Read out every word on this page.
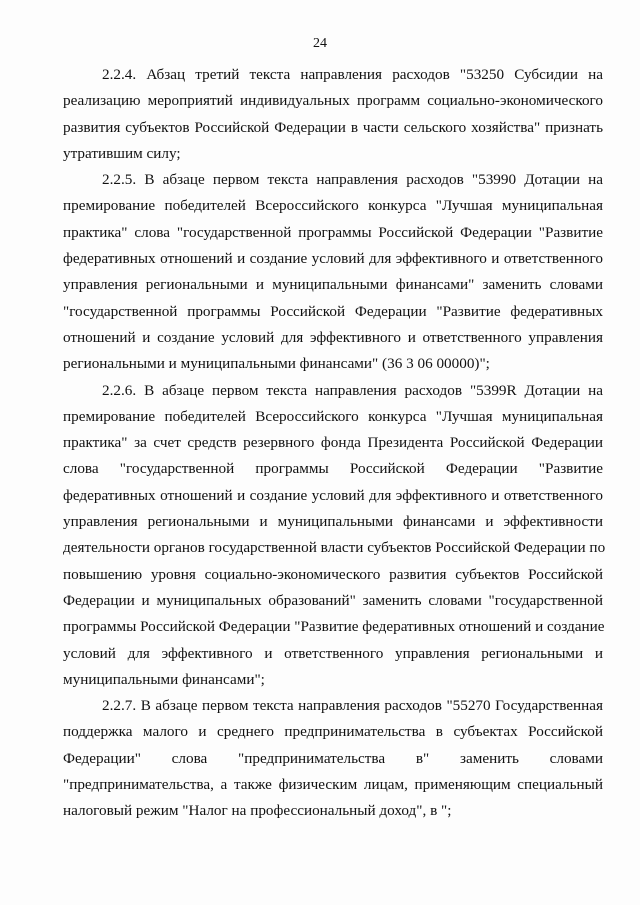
24
2.2.4. Абзац третий текста направления расходов "53250 Субсидии на
реализацию мероприятий индивидуальных программ социально-экономического
развития субъектов Российской Федерации в части сельского хозяйства" признать
утратившим силу;
2.2.5. В абзаце первом текста направления расходов "53990 Дотации на
премирование победителей Всероссийского конкурса "Лучшая муниципальная
практика" слова "государственной программы Российской Федерации "Развитие
федеративных отношений и создание условий для эффективного и ответственного
управления региональными и муниципальными финансами" заменить словами
"государственной программы Российской Федерации "Развитие федеративных
отношений и создание условий для эффективного и ответственного управления
региональными и муниципальными финансами" (36 3 06 00000)";
2.2.6. В абзаце первом текста направления расходов "5399R Дотации на
премирование победителей Всероссийского конкурса "Лучшая муниципальная
практика" за счет средств резервного фонда Президента Российской Федерации
слова "государственной программы Российской Федерации "Развитие
федеративных отношений и создание условий для эффективного и ответственного
управления региональными и муниципальными финансами и эффективности
деятельности органов государственной власти субъектов Российской Федерации по
повышению уровня социально-экономического развития субъектов Российской
Федерации и муниципальных образований" заменить словами "государственной
программы Российской Федерации "Развитие федеративных отношений и создание
условий для эффективного и ответственного управления региональными и
муниципальными финансами";
2.2.7. В абзаце первом текста направления расходов "55270 Государственная
поддержка малого и среднего предпринимательства в субъектах Российской
Федерации" слова "предпринимательства в" заменить словами
"предпринимательства, а также физическим лицам, применяющим специальный
налоговый режим "Налог на профессиональный доход", в ";
